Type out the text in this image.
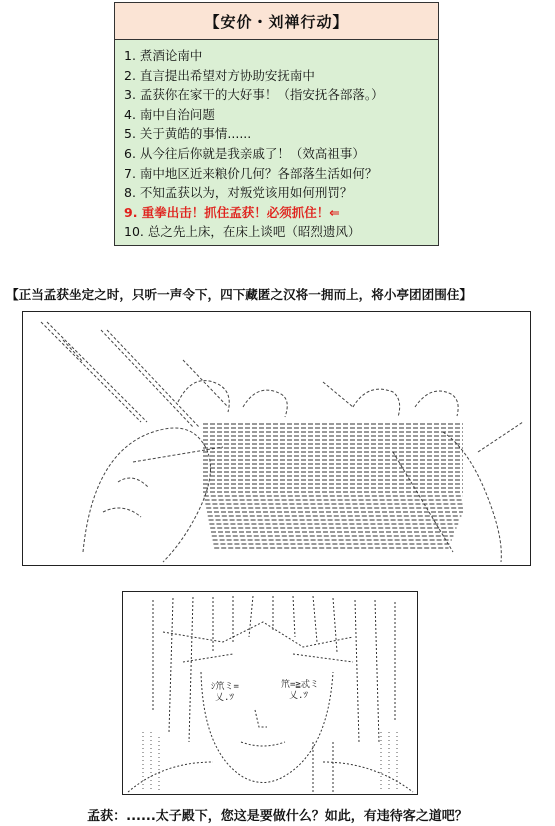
【安价・刘禅行动】
1. 煮酒论南中
2. 直言提出希望对方协助安抚南中
3. 孟获你在家干的大好事！（指安抚各部落。）
4. 南中自治问题
5. 关于黄皓的事情......
6. 从今往后你就是我亲戚了！（效高祖事）
7. 南中地区近来粮价几何？各部落生活如何？
8. 不知孟获以为，对叛党该用如何刑罚？
9. 重拳出击！抓住孟获！必须抓住！⇐
10. 总之先上床，在床上谈吧（昭烈遗风）
【正当孟获坐定之时，只听一声令下，四下藏匿之汉将一拥而上，将小亭团团围住】
ｼ笊ミ=乂.ﾂ
笊=≧忒ミ乂.ﾂ
孟获：......太子殿下，您这是要做什么？如此，有违待客之道吧？
